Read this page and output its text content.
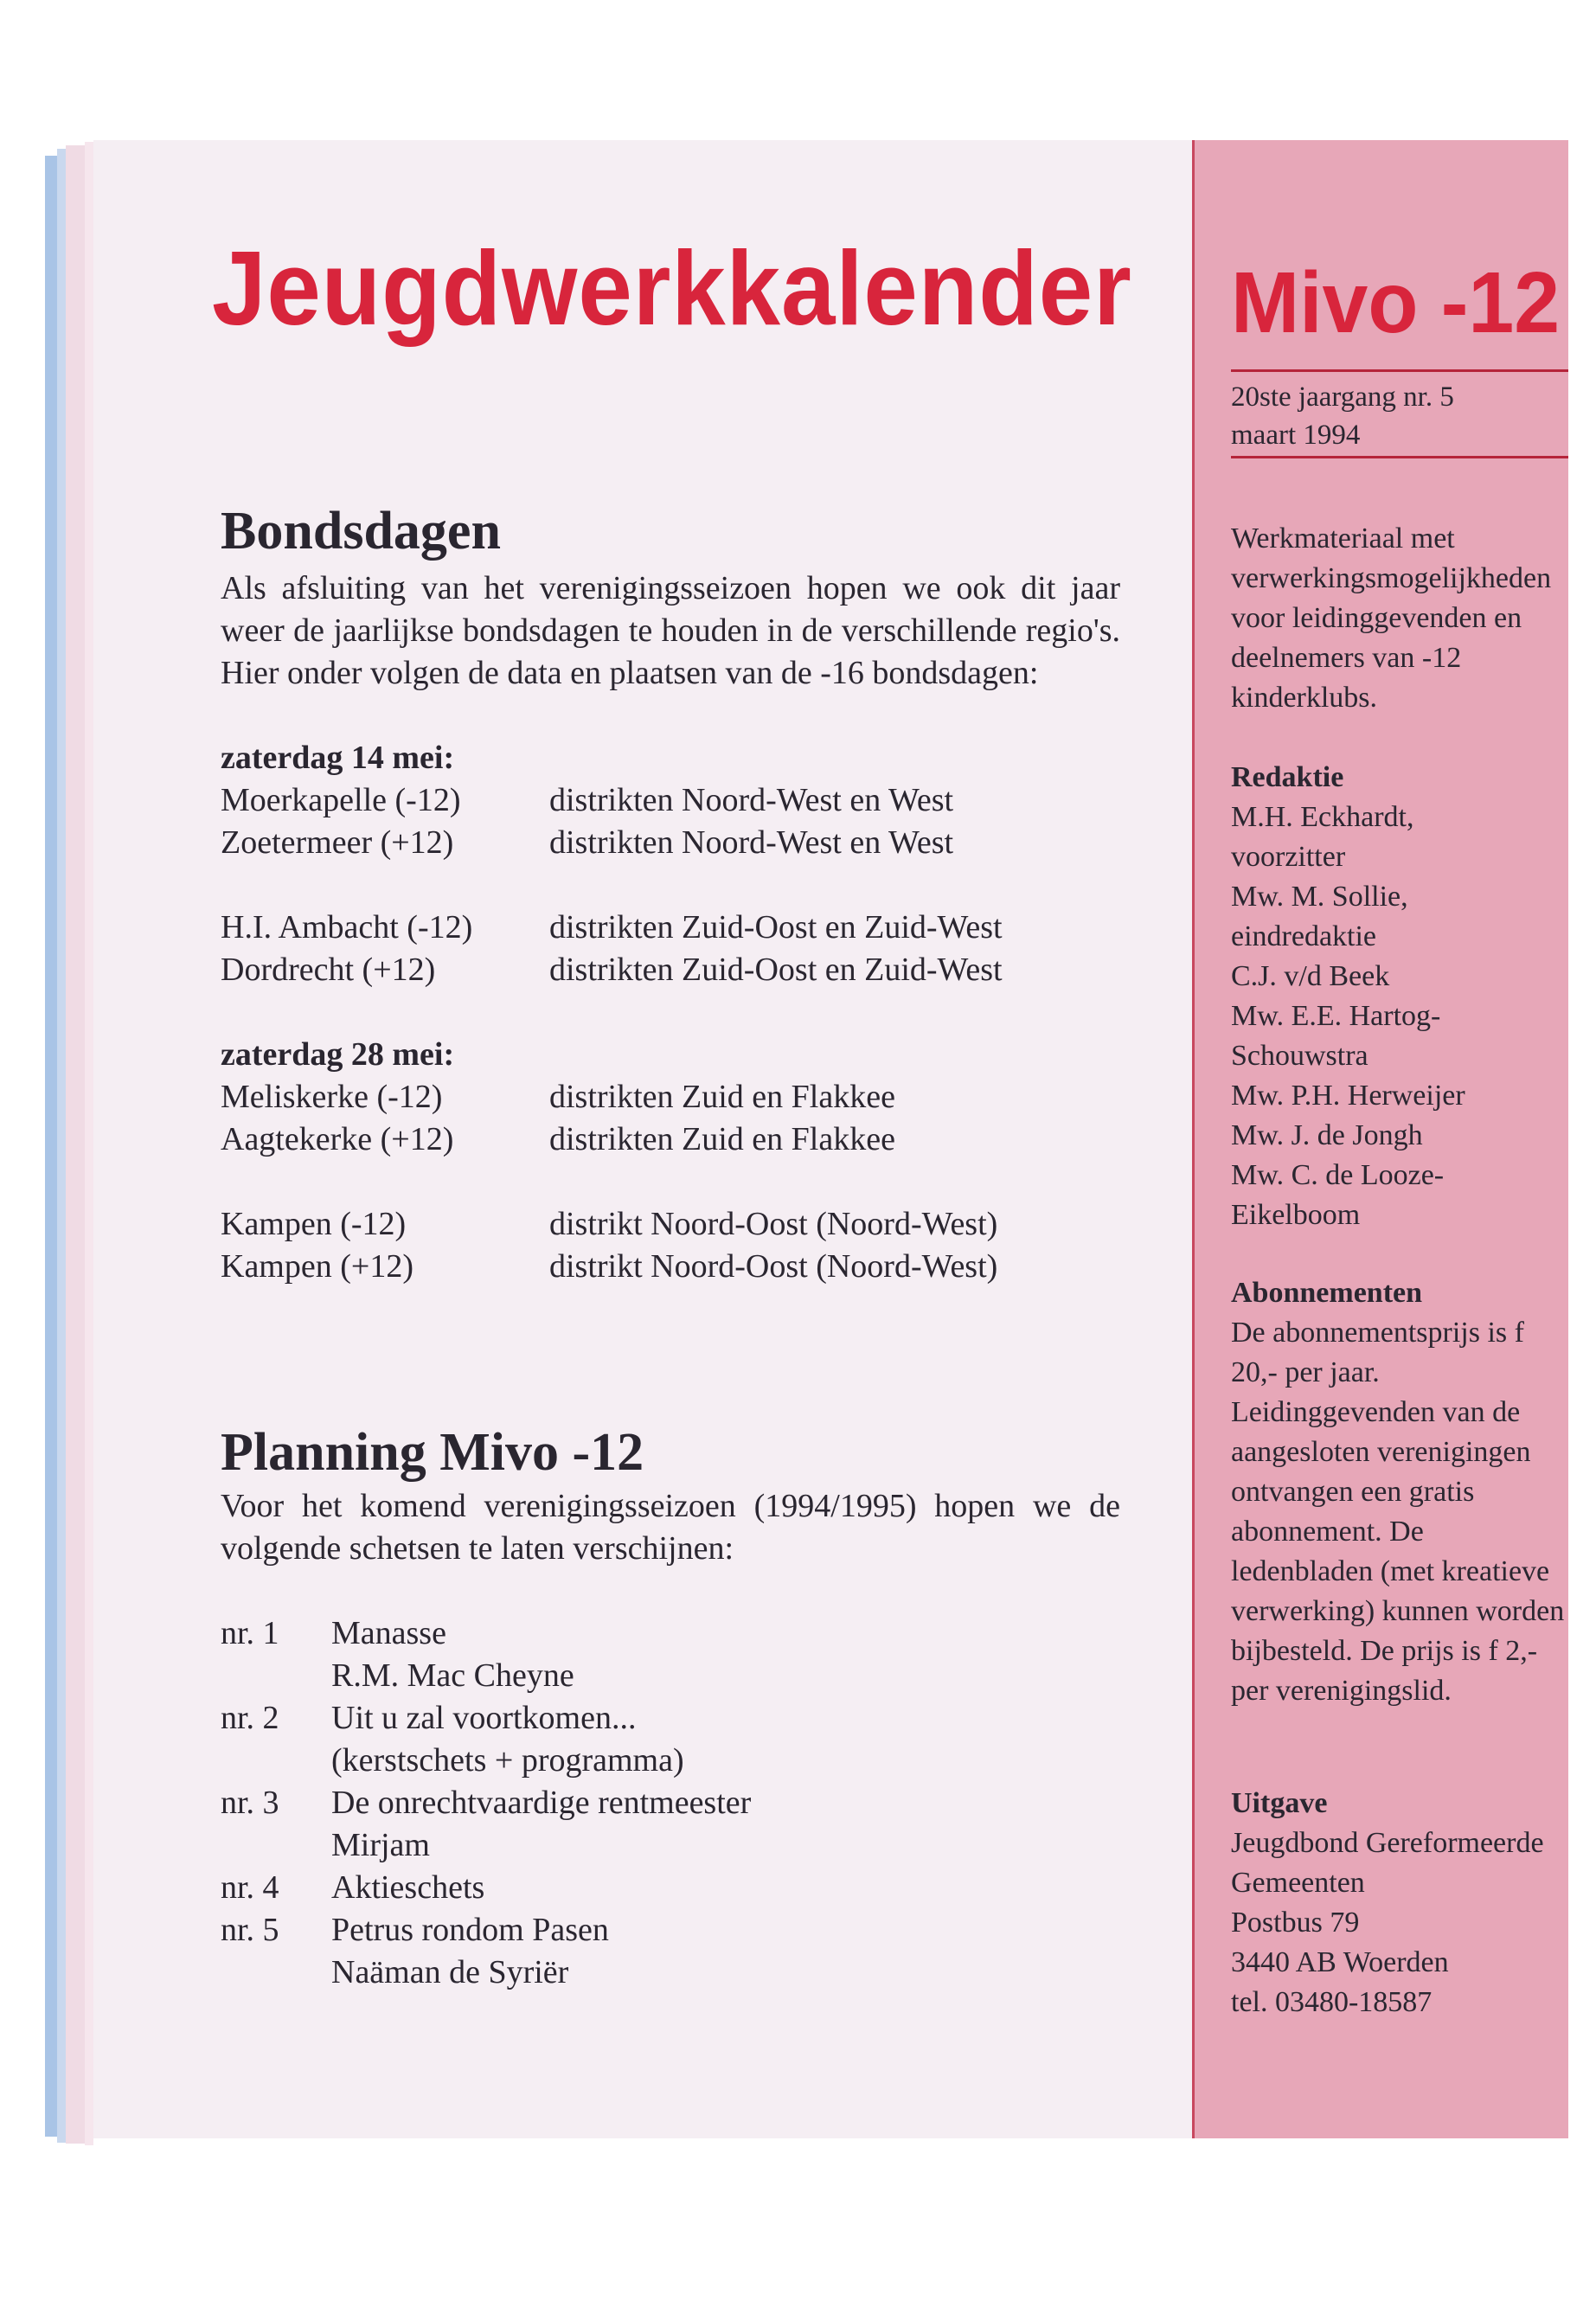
Jeugdwerkkalender
Bondsdagen
Als afsluiting van het verenigingsseizoen hopen we ook dit jaar weer de jaarlijkse bondsdagen te houden in de verschillende regio's. Hier onder volgen de data en plaatsen van de -16 bondsdagen:
zaterdag 14 mei:
Moerkapelle (-12)	distrikten Noord-West en West
Zoetermeer (+12)	distrikten Noord-West en West
H.I. Ambacht (-12)	distrikten Zuid-Oost en Zuid-West
Dordrecht (+12)	distrikten Zuid-Oost en Zuid-West
zaterdag 28 mei:
Meliskerke (-12)	distrikten Zuid en Flakkee
Aagtekerke (+12)	distrikten Zuid en Flakkee
Kampen (-12)	distrikt Noord-Oost (Noord-West)
Kampen (+12)	distrikt Noord-Oost (Noord-West)
Planning Mivo -12
Voor het komend verenigingsseizoen (1994/1995) hopen we de volgende schetsen te laten verschijnen:
nr. 1	Manasse
R.M. Mac Cheyne
nr. 2	Uit u zal voortkomen...
(kerstschets + programma)
nr. 3	De onrechtvaardige rentmeester
Mirjam
nr. 4	Aktieschets
nr. 5	Petrus rondom Pasen
Naäman de Syriër
Mivo -12
20ste jaargang nr. 5
maart 1994
Werkmateriaal met verwerkingsmogelijkheden voor leidinggevenden en deelnemers van -12 kinderklubs.
Redaktie
M.H. Eckhardt,
voorzitter
Mw. M. Sollie,
eindredaktie
C.J. v/d Beek
Mw. E.E. Hartog-
Schouwstra
Mw. P.H. Herweijer
Mw. J. de Jongh
Mw. C. de Looze-
Eikelboom
Abonnementen
De abonnementsprijs is f 20,- per jaar. Leidinggevenden van de aangesloten verenigingen ontvangen een gratis abonnement. De ledenbladen (met kreatieve verwerking) kunnen worden bijbesteld. De prijs is f 2,- per verenigingslid.
Uitgave
Jeugdbond Gereformeerde
Gemeenten
Postbus 79
3440 AB Woerden
tel. 03480-18587
